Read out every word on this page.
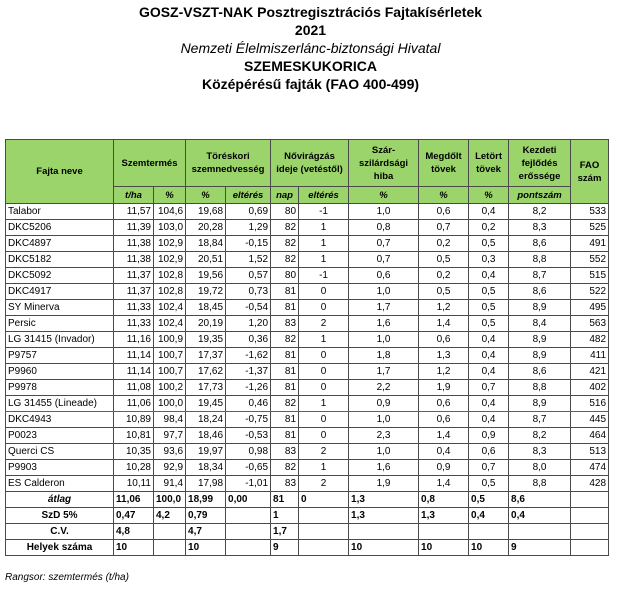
GOSZ-VSZT-NAK Posztregisztrációs Fajtakísérletek
2021
Nemzeti Élelmiszerlánc-biztonsági Hivatal
SZEMESKUKORICA
Középérésű fajták (FAO 400-499)
Fajta neve	Szemtermés		Töréskori szemnedvesség		Nővirágzás ideje (vetéstől)		Szár-szilárdsági hiba	Megdőlt tövek	Letört tövek	Kezdeti fejlődés erőssége	FAO szám
	t/ha	%	%	eltérés	nap	eltérés	%	%	%	pontszám	
Talabor	11,57	104,6	19,68	0,69	80	-1	1,0	0,6	0,4	8,2	533
DKC5206	11,39	103,0	20,28	1,29	82	1	0,8	0,7	0,2	8,3	525
DKC4897	11,38	102,9	18,84	-0,15	82	1	0,7	0,2	0,5	8,6	491
DKC5182	11,38	102,9	20,51	1,52	82	1	0,7	0,5	0,3	8,8	552
DKC5092	11,37	102,8	19,56	0,57	80	-1	0,6	0,2	0,4	8,7	515
DKC4917	11,37	102,8	19,72	0,73	81	0	1,0	0,5	0,5	8,6	522
SY Minerva	11,33	102,4	18,45	-0,54	81	0	1,7	1,2	0,5	8,9	495
Persic	11,33	102,4	20,19	1,20	83	2	1,6	1,4	0,5	8,4	563
LG 31415 (Invador)	11,16	100,9	19,35	0,36	82	1	1,0	0,6	0,4	8,9	482
P9757	11,14	100,7	17,37	-1,62	81	0	1,8	1,3	0,4	8,9	411
P9960	11,14	100,7	17,62	-1,37	81	0	1,7	1,2	0,4	8,6	421
P9978	11,08	100,2	17,73	-1,26	81	0	2,2	1,9	0,7	8,8	402
LG 31455 (Lineade)	11,06	100,0	19,45	0,46	82	1	0,9	0,6	0,4	8,9	516
DKC4943	10,89	98,4	18,24	-0,75	81	0	1,0	0,6	0,4	8,7	445
P0023	10,81	97,7	18,46	-0,53	81	0	2,3	1,4	0,9	8,2	464
Querci CS	10,35	93,6	19,97	0,98	83	2	1,0	0,4	0,6	8,3	513
P9903	10,28	92,9	18,34	-0,65	82	1	1,6	0,9	0,7	8,0	474
ES Calderon	10,11	91,4	17,98	-1,01	83	2	1,9	1,4	0,5	8,8	428
átlag	11,06	100,0	18,99	0,00	81	0	1,3	0,8	0,5	8,6	
SzD 5%	0,47	4,2	0,79		1		1,3	1,3	0,4	0,4	
C.V.	4,8		4,7		1,7						
Helyek száma	10		10		9		10	10	10	9	
Rangsor: szemtermés (t/ha)
